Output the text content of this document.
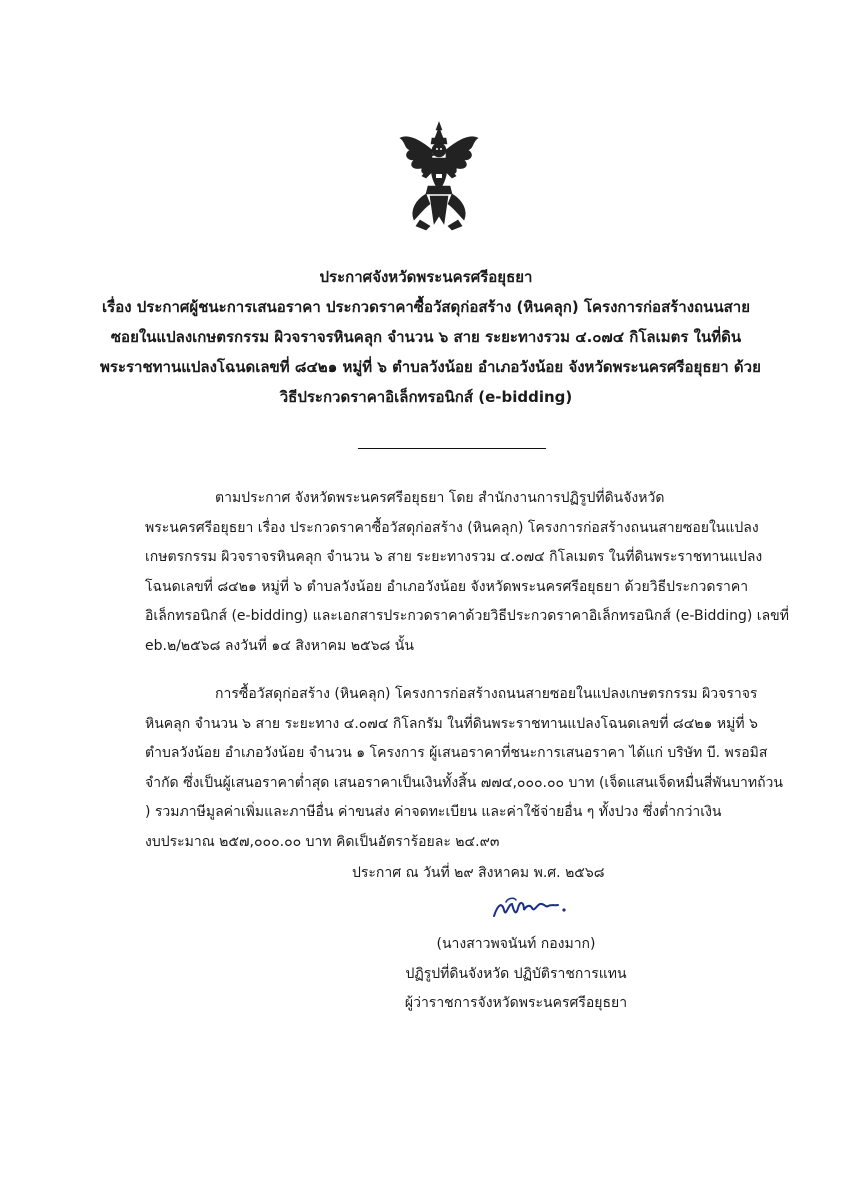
ประกาศจังหวัดพระนครศรีอยุธยา
เรื่อง ประกาศผู้ชนะการเสนอราคา ประกวดราคาซื้อวัสดุก่อสร้าง (หินคลุก) โครงการก่อสร้างถนนสาย
ซอยในแปลงเกษตรกรรม ผิวจราจรหินคลุก จำนวน ๖ สาย ระยะทางรวม ๔.๐๗๔ กิโลเมตร ในที่ดิน
พระราชทานแปลงโฉนดเลขที่ ๘๔๒๑ หมู่ที่ ๖ ตำบลวังน้อย อำเภอวังน้อย จังหวัดพระนครศรีอยุธยา ด้วย
วิธีประกวดราคาอิเล็กทรอนิกส์ (e-bidding)
ตามประกาศ จังหวัดพระนครศรีอยุธยา โดย สำนักงานการปฏิรูปที่ดินจังหวัด
พระนครศรีอยุธยา เรื่อง ประกวดราคาซื้อวัสดุก่อสร้าง (หินคลุก) โครงการก่อสร้างถนนสายซอยในแปลง
เกษตรกรรม ผิวจราจรหินคลุก จำนวน ๖ สาย ระยะทางรวม ๔.๐๗๔ กิโลเมตร ในที่ดินพระราชทานแปลง
โฉนดเลขที่ ๘๔๒๑ หมู่ที่ ๖ ตำบลวังน้อย อำเภอวังน้อย จังหวัดพระนครศรีอยุธยา ด้วยวิธีประกวดราคา
อิเล็กทรอนิกส์ (e-bidding) และเอกสารประกวดราคาด้วยวิธีประกวดราคาอิเล็กทรอนิกส์ (e-Bidding) เลขที่
eb.๒/๒๕๖๘ ลงวันที่ ๑๔ สิงหาคม ๒๕๖๘ นั้น
การซื้อวัสดุก่อสร้าง (หินคลุก) โครงการก่อสร้างถนนสายซอยในแปลงเกษตรกรรม ผิวจราจร
หินคลุก จำนวน ๖ สาย ระยะทาง ๔.๐๗๔ กิโลกรัม ในที่ดินพระราชทานแปลงโฉนดเลขที่ ๘๔๒๑ หมู่ที่ ๖
ตำบลวังน้อย อำเภอวังน้อย จำนวน ๑ โครงการ ผู้เสนอราคาที่ชนะการเสนอราคา ได้แก่ บริษัท บี. พรอมิส
จำกัด ซึ่งเป็นผู้เสนอราคาต่ำสุด เสนอราคาเป็นเงินทั้งสิ้น ๗๗๔,๐๐๐.๐๐ บาท (เจ็ดแสนเจ็ดหมื่นสี่พันบาทถ้วน
) รวมภาษีมูลค่าเพิ่มและภาษีอื่น ค่าขนส่ง ค่าจดทะเบียน และค่าใช้จ่ายอื่น ๆ ทั้งปวง ซึ่งต่ำกว่าเงิน
งบประมาณ ๒๕๗,๐๐๐.๐๐ บาท คิดเป็นอัตราร้อยละ ๒๔.๙๓
ประกาศ ณ วันที่ ๒๙ สิงหาคม พ.ศ. ๒๕๖๘
(นางสาวพจนันท์ กองมาก)
ปฏิรูปที่ดินจังหวัด ปฏิบัติราชการแทน
ผู้ว่าราชการจังหวัดพระนครศรีอยุธยา
